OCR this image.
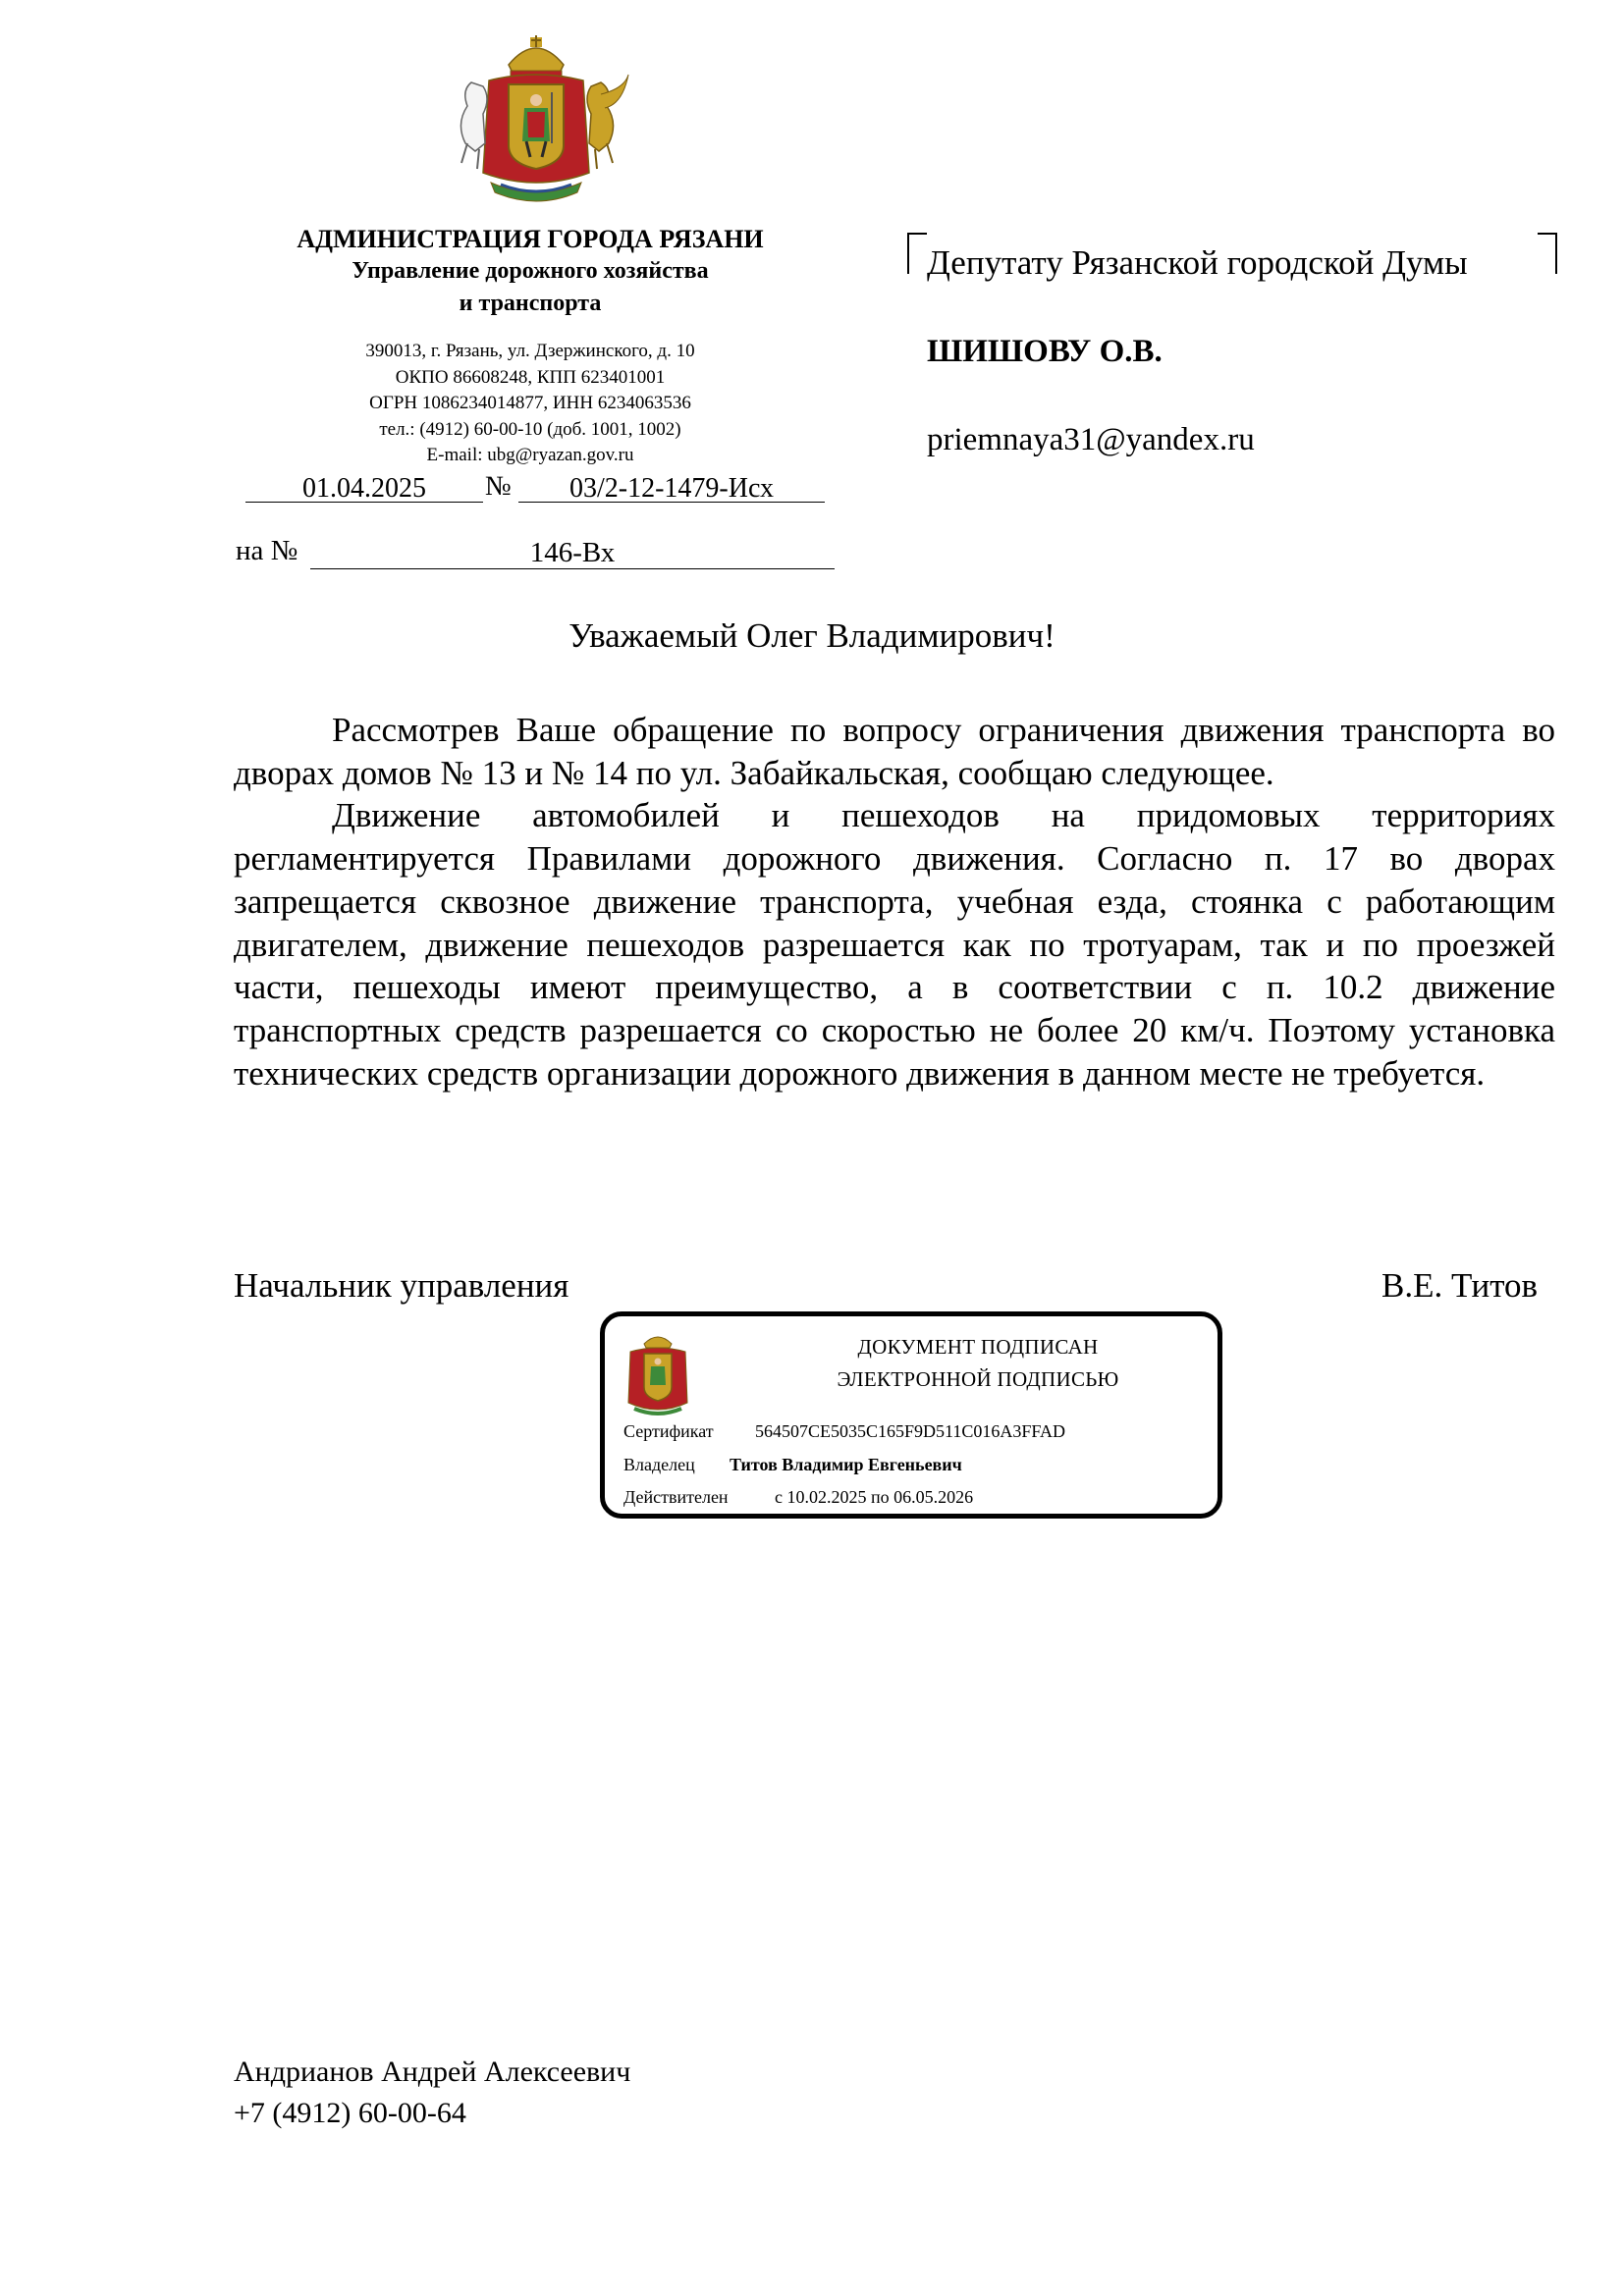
АДМИНИСТРАЦИЯ ГОРОДА РЯЗАНИ
Управление дорожного хозяйства
и транспорта
390013, г. Рязань, ул. Дзержинского, д. 10
ОКПО 86608248, КПП 623401001
ОГРН 1086234014877, ИНН 6234063536
тел.: (4912) 60-00-10 (доб. 1001, 1002)
E-mail: ubg@ryazan.gov.ru
01.04.2025	№	03/2-12-1479-Исх
на №	146-Вх
Депутату Рязанской городской Думы
ШИШОВУ О.В.
priemnaya31@yandex.ru
Уважаемый Олег Владимирович!

Рассмотрев Ваше обращение по вопросу ограничения движения транспорта во дворах домов № 13 и № 14 по ул. Забайкальская, сообщаю следующее.

Движение автомобилей и пешеходов на придомовых территориях регламентируется Правилами дорожного движения. Согласно п. 17 во дворах запрещается сквозное движение транспорта, учебная езда, стоянка с работающим двигателем, движение пешеходов разрешается как по тротуарам, так и по проезжей части, пешеходы имеют преимущество, а в соответствии с п. 10.2 движение транспортных средств разрешается со скоростью не более 20 км/ч. Поэтому установка технических средств организации дорожного движения в данном месте не требуется.

Начальник управления	В.Е. Титов
ДОКУМЕНТ ПОДПИСАН
ЭЛЕКТРОННОЙ ПОДПИСЬЮ
Сертификат 564507CE5035C165F9D511C016A3FFAD
Владелец Титов Владимир Евгеньевич
Действителен	с 10.02.2025 по 06.05.2026
Андрианов Андрей Алексеевич
+7 (4912) 60-00-64
